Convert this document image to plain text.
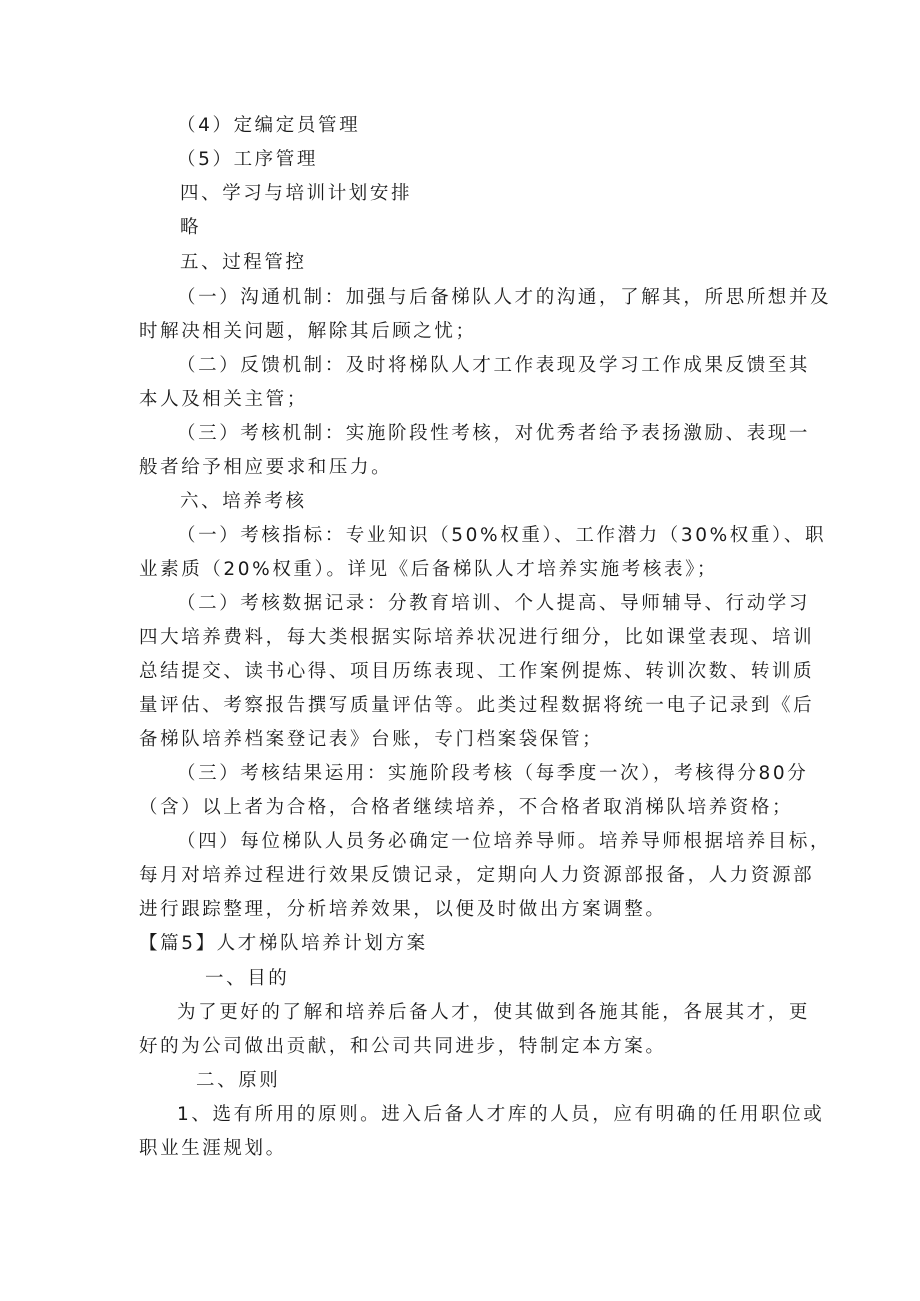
（4）定编定员管理
（5）工序管理
四、学习与培训计划安排
略
五、过程管控
（一）沟通机制：加强与后备梯队人才的沟通，了解其，所思所想并及
时解决相关问题，解除其后顾之忧；
（二）反馈机制：及时将梯队人才工作表现及学习工作成果反馈至其
本人及相关主管；
（三）考核机制：实施阶段性考核，对优秀者给予表扬激励、表现一
般者给予相应要求和压力。
六、培养考核
（一）考核指标：专业知识（50%权重）、工作潜力（30%权重）、职
业素质（20%权重）。详见《后备梯队人才培养实施考核表》；
（二）考核数据记录：分教育培训、个人提高、导师辅导、行动学习
四大培养费料，每大类根据实际培养状况进行细分，比如课堂表现、培训
总结提交、读书心得、项目历练表现、工作案例提炼、转训次数、转训质
量评估、考察报告撰写质量评估等。此类过程数据将统一电子记录到《后
备梯队培养档案登记表》台账，专门档案袋保管；
（三）考核结果运用：实施阶段考核（每季度一次），考核得分80分
（含）以上者为合格，合格者继续培养，不合格者取消梯队培养资格；
（四）每位梯队人员务必确定一位培养导师。培养导师根据培养目标，
每月对培养过程进行效果反馈记录，定期向人力资源部报备，人力资源部
进行跟踪整理，分析培养效果，以便及时做出方案调整。
【篇5】人才梯队培养计划方案
一、目的
为了更好的了解和培养后备人才，使其做到各施其能，各展其才，更
好的为公司做出贡献，和公司共同进步，特制定本方案。
二、原则
1、选有所用的原则。进入后备人才库的人员，应有明确的任用职位或
职业生涯规划。
